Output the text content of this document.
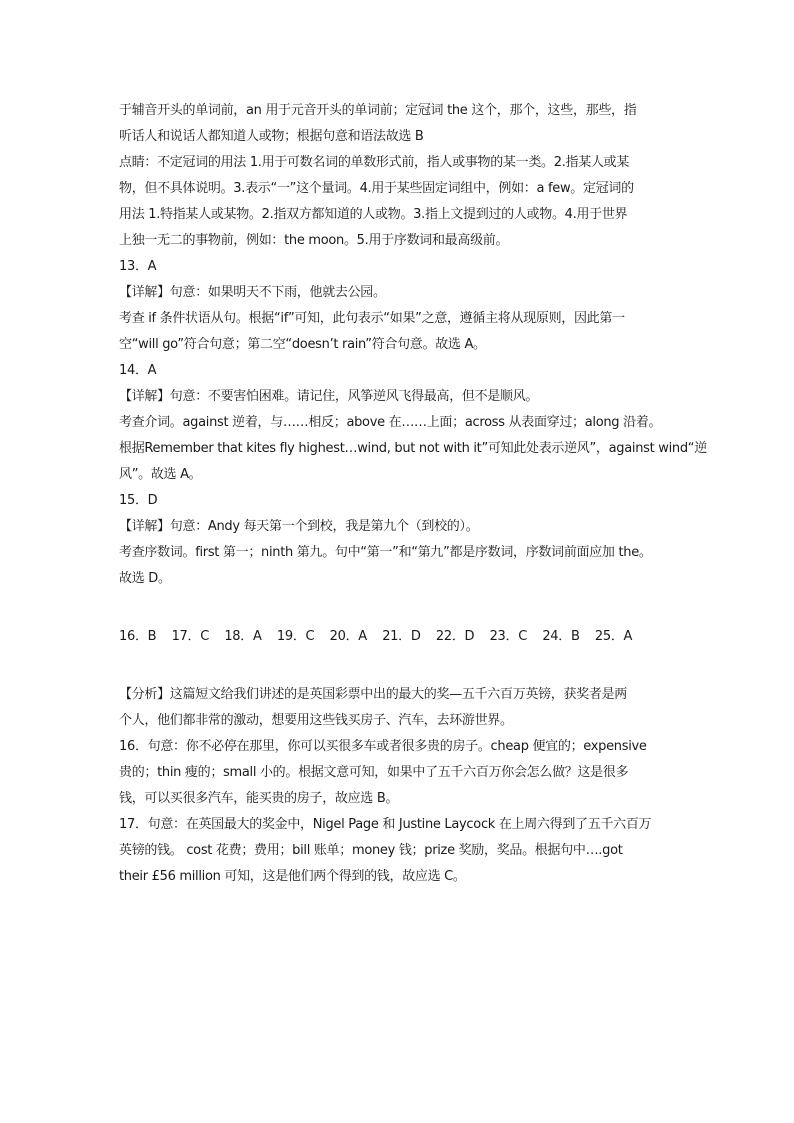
于辅音开头的单词前，an 用于元音开头的单词前；定冠词 the 这个，那个，这些，那些，指
听话人和说话人都知道人或物；根据句意和语法故选 B
点睛：不定冠词的用法 1.用于可数名词的单数形式前，指人或事物的某一类。2.指某人或某
物，但不具体说明。3.表示“一”这个量词。4.用于某些固定词组中，例如：a few。定冠词的
用法 1.特指某人或某物。2.指双方都知道的人或物。3.指上文提到过的人或物。4.用于世界
上独一无二的事物前，例如：the moon。5.用于序数词和最高级前。
13．A
【详解】句意：如果明天不下雨，他就去公园。
考查 if 条件状语从句。根据“if”可知，此句表示“如果”之意，遵循主将从现原则，因此第一
空“will go”符合句意；第二空“doesn’t rain”符合句意。故选 A。
14．A
【详解】句意：不要害怕困难。请记住，风筝逆风飞得最高，但不是顺风。
考查介词。against 逆着，与……相反；above 在……上面；across 从表面穿过；along 沿着。
根据Remember that kites fly highest…wind, but not with it”可知此处表示逆风”，against wind“逆
风”。故选 A。
15．D
【详解】句意：Andy 每天第一个到校，我是第九个（到校的）。
考查序数词。first 第一；ninth 第九。句中“第一”和“第九”都是序数词，序数词前面应加 the。
故选 D。
16．B    17．C    18．A    19．C    20．A    21．D    22．D    23．C    24．B    25．A
【分析】这篇短文给我们讲述的是英国彩票中出的最大的奖—五千六百万英镑，获奖者是两
个人，他们都非常的激动，想要用这些钱买房子、汽车，去环游世界。
16．句意：你不必停在那里，你可以买很多车或者很多贵的房子。cheap 便宜的；expensive
贵的；thin 瘦的；small 小的。根据文意可知，如果中了五千六百万你会怎么做？这是很多
钱，可以买很多汽车，能买贵的房子，故应选 B。
17．句意：在英国最大的奖金中，Nigel Page 和 Justine Laycock 在上周六得到了五千六百万
英镑的钱。 cost 花费；费用；bill 账单；money 钱；prize 奖励，奖品。根据句中….got
their £56 million 可知，这是他们两个得到的钱，故应选 C。
